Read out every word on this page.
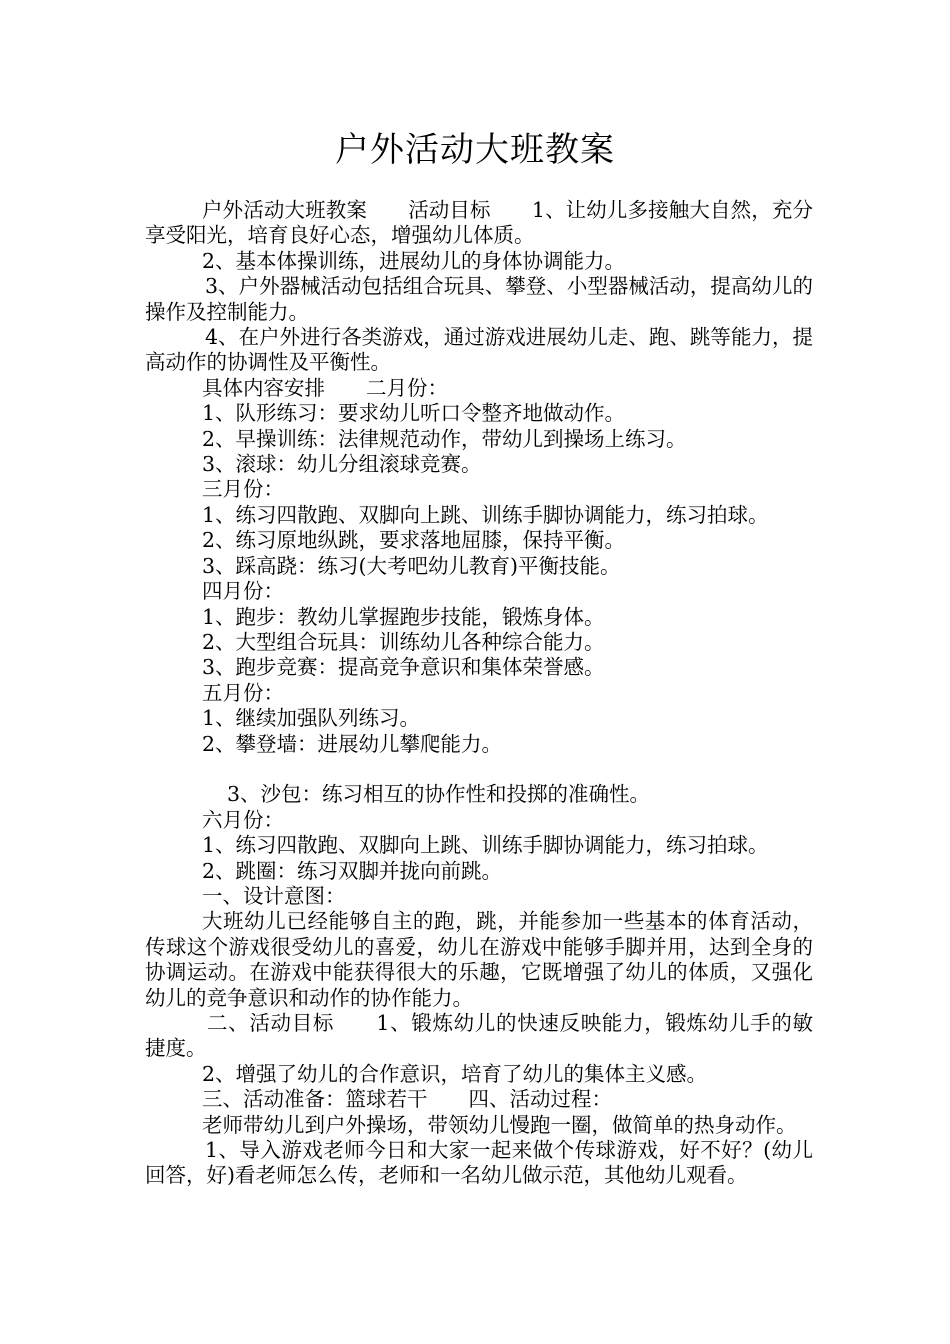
户外活动大班教案

户外活动大班教案　　活动目标　　1、让幼儿多接触大自然，充分享受阳光，培育良好心态，增强幼儿体质。

2、基本体操训练，进展幼儿的身体协调能力。

3、户外器械活动包括组合玩具、攀登、小型器械活动，提高幼儿的操作及控制能力。

4、在户外进行各类游戏，通过游戏进展幼儿走、跑、跳等能力，提高动作的协调性及平衡性。

具体内容安排　　二月份：

1、队形练习：要求幼儿听口令整齐地做动作。

2、早操训练：法律规范动作，带幼儿到操场上练习。

3、滚球：幼儿分组滚球竞赛。

三月份：

1、练习四散跑、双脚向上跳、训练手脚协调能力，练习拍球。

2、练习原地纵跳，要求落地屈膝，保持平衡。

3、踩高跷：练习(大考吧幼儿教育)平衡技能。

四月份：

1、跑步：教幼儿掌握跑步技能，锻炼身体。

2、大型组合玩具：训练幼儿各种综合能力。

3、跑步竞赛：提高竞争意识和集体荣誉感。

五月份：

1、继续加强队列练习。

2、攀登墙：进展幼儿攀爬能力。

3、沙包：练习相互的协作性和投掷的准确性。

六月份：

1、练习四散跑、双脚向上跳、训练手脚协调能力，练习拍球。

2、跳圈：练习双脚并拢向前跳。

一、设计意图：

大班幼儿已经能够自主的跑，跳，并能参加一些基本的体育活动，传球这个游戏很受幼儿的喜爱，幼儿在游戏中能够手脚并用，达到全身的协调运动。在游戏中能获得很大的乐趣，它既增强了幼儿的体质，又强化幼儿的竞争意识和动作的协作能力。

二、活动目标　　1、锻炼幼儿的快速反映能力，锻炼幼儿手的敏捷度。

2、增强了幼儿的合作意识，培育了幼儿的集体主义感。

三、活动准备：篮球若干　　四、活动过程：

老师带幼儿到户外操场，带领幼儿慢跑一圈，做简单的热身动作。

1、导入游戏老师今日和大家一起来做个传球游戏，好不好？(幼儿回答，好)看老师怎么传，老师和一名幼儿做示范，其他幼儿观看。
